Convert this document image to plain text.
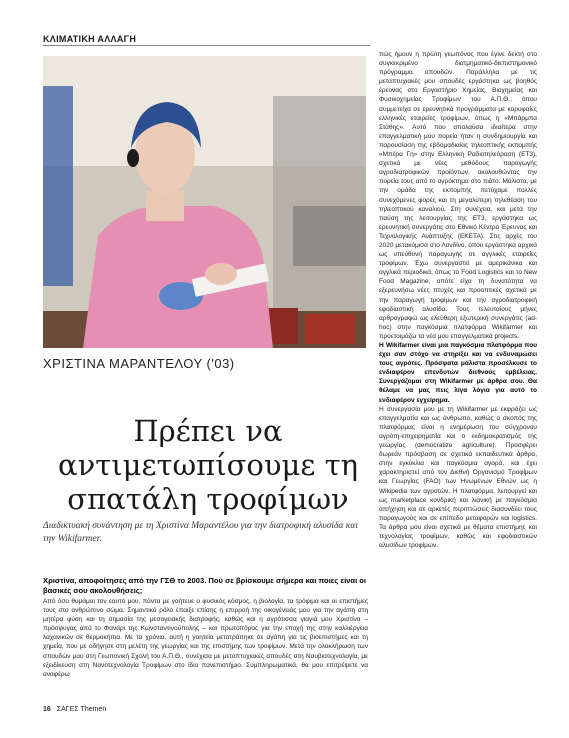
ΚΛΙΜΑΤΙΚΗ ΑΛΛΑΓΗ
ΧΡΙΣΤΙΝΑ ΜΑΡΑΝΤΕΛΟΥ ('03)
Πρέπει να αντιμετωπίσουμε τη σπατάλη τροφίμων
Διαδικτυακή συνάντηση με τη Χριστίνα Μαραντέλου για την διατροφική αλυσίδα και την Wikifarmer.
Χριστίνα, αποφοίτησες από την ΓΣΘ το 2003. Πού σε βρίσκουμε σήμερα και ποιες είναι οι βασικές σου ακολουθήσεις;
Από όσο θυμάμαι τον εαυτό μου, πάντα με γοήτευε ο φυσικός κόσμος, η βιολογία, τα τρόφιμα και οι επιστήμες τους στο ανθρώπινο σώμα. Σημαντικό ρόλο έπαιξε επίσης η επιρροή της οικογένειάς μου για την αγάπη στη μητέρα φύση και τη σημασία της μεσογειακής διατροφής, καθώς και η αγρότισσα γιαγιά μου Χριστίνα – πρόσφυγας από το Φανάρι της Κωνσταντινούπολης – και πρωτοπόρος για την εποχή της στην καλλιέργεια λαχανικών σε θερμοκήπια. Με τα χρόνια, αυτή η γοητεία μετατράπηκε σε αγάπη για τις βιοεπιστήμες και τη χημεία, που με οδήγησε στη μελέτη της γεωργίας και της επιστήμης των τροφίμων. Μετά την ολοκλήρωση των σπουδών μου στη Γεωπονική Σχολή του Α.Π.Θ., συνέχισα με μεταπτυχιακές σπουδές στη Ναυβιοτεχνολογία, με εξειδίκευση στη Νανοτεχνολογία Τροφίμων στο ίδιο πανεπιστήμιο. Συμπληρωματικά, θα μου επιτρέψετε να αναφέρω

πώς ήμουν η πρώτη γεωπόνος που έγινε δεκτή στο συγκεκριμένο διατμηματικό-διεπιστημονικό πρόγραμμα σπουδών. Παράλληλα με τις μεταπτυχιακές μου σπουδές εργάστηκα ως βοηθός έρευνας στο Εργαστήριο Χημείας, Βιοχημείας και Φυσικοχημείας Τροφίμων του Α.Π.Θ., όπου συμμετείχα σε ερευνητικά προγράμματα με κορυφαίες ελληνικές εταιρείες τροφίμων, όπως η «Μπάρμπα Στάθης». Αυτό που απολαύσα ιδιαίτερα στην επαγγελματική μου πορεία ήταν η συνδημιουργία και παρουσίαση της εβδομαδιαίας τηλεοπτικής εκπομπής «Μπέρα Γη» στην Ελληνική Ραδιοτηλεόραση (ΕΤ3), σχετικά με νέες μεθόδους παραγωγής αγροδιατροφικών προϊόντων, ακολουθώντας την πορεία τους από το αγρόκτημα στο πιάτο. Μάλιστα, με την ομάδα της εκπομπής πετύχαμε πολλές συνεχόμενες φορές και τη μεγαλύτερη τηλεθέαση του τηλεοπτικού καναλιού. Στη συνέχεια, και μετά την παύση της λειτουργίας της ΕΤ3, εργάστηκα ως ερευνητική συνεργάτις στο Εθνικό Κέντρο Έρευνας και Τεχνολογικής Ανάπτυξης (ΕΚΕΤΑ). Στις αρχές του 2020 μετακόμισα στο Λονδίνο, όπου εργάστηκα αρχικά ως υπεύθυνη παραγωγής σε αγγλικές εταιρείες τροφίμων. Έχω συνεργαστεί με αμερικάνικα και αγγλικά περιοδικά, όπως το Food Logistics και το New Food Magazine, οπότε είχα τη δυνατότητα να εξερευνήσω νέες πτυχές και προοπτικές σχετικά με την παραγωγή τροφίμων και την αγροδιατροφική εφοδιαστική αλυσίδα. Τους τελευταίους μήνες αρθρογραφώ ως ελεύθερη εξωτερική συνεργάτις (ad-hoc) στην παγκόσμια πλατφόρμα Wikifarmer και προετοιμάζω τα νέα μου επαγγελματικά projects.

Η Wikifarmer είναι μια παγκόσμια πλατφόρμα που έχει σαν στόχο να στηρίξει και να ενδυναμώσει τους αγρότες. Πρόσφατα μάλιστα προσέλκυσε το ενδιαφέρον επενδυτών διεθνούς εμβέλειας. Συνεργάζομαι στη Wikifarmer με άρθρα σου. Θα θέλαμε να μας πεις λίγα λόγια για αυτό το ενδιαφέρον εγχείρημα.

Η συνεργασία μου με τη Wikifarmer με εκφράζει ως επαγγελματία και ως άνθρωπο, καθώς ο σκοπός της πλατφόρμας είναι η ενημέρωση του σύγχρονου αγρότη-επιχειρηματία και ο εκδημοκρατισμός της γεωργίας (democratize agriculture). Προσφέρει δωρεάν πρόσβαση σε σχετικά εκπαιδευτικά άρθρα, στην εγκύκλια και παγκόσμια αγορά, και έχει χαρακτηριστεί από τον Διεθνή Οργανισμό Τροφίμων και Γεωργίας (FAO) των Ηνωμένων Εθνών ως η Wikipedia των αγροτών. Η πλατφόρμα, λειτουργεί και ως marketplace κονδρική και λιανική με παγκόσμια απήχηση και σε αρκετές περιπτώσεις διασυνδέει τους παραγωγούς και σε επίπεδο μεταφορών και logistics. Τα άρθρα μου είναι σχετικά με θέματα επιστήμης και τεχνολογίας τροφίμων, καθώς και εφοδιαστικών αλυσίδων τροφίμων.

16 ΣΑΓΕΣ Themen
